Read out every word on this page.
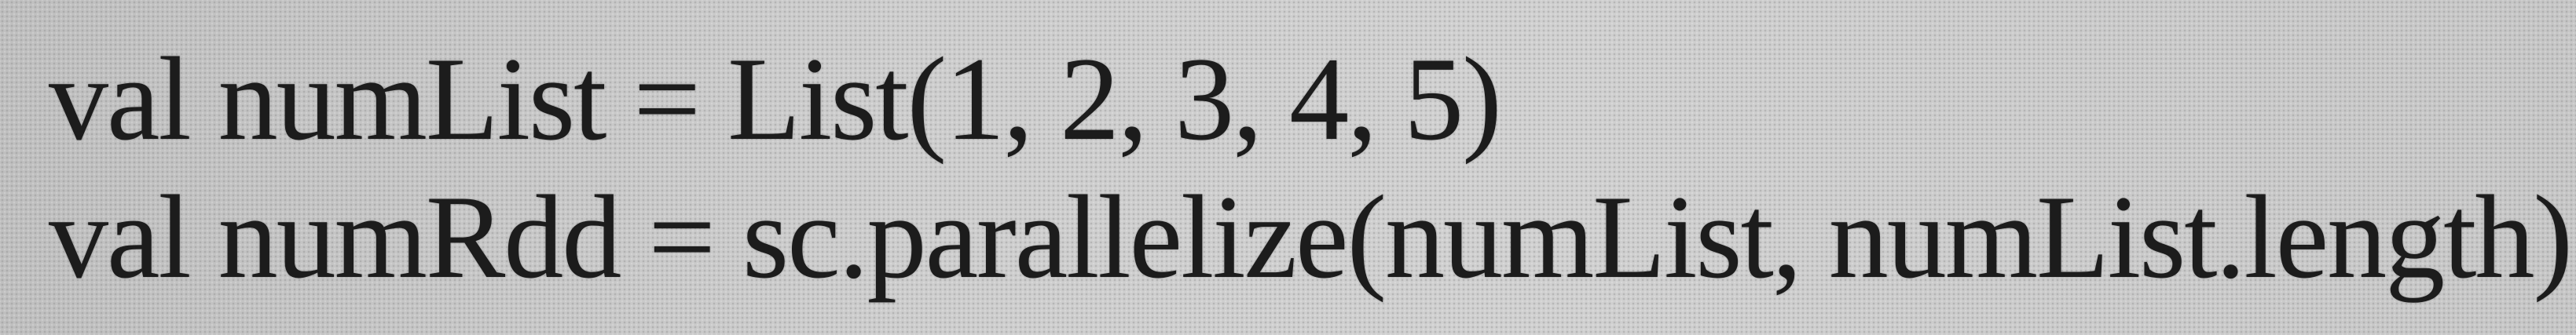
val numList = List(1, 2, 3, 4, 5)
val numRdd = sc.parallelize(numList, numList.length)
